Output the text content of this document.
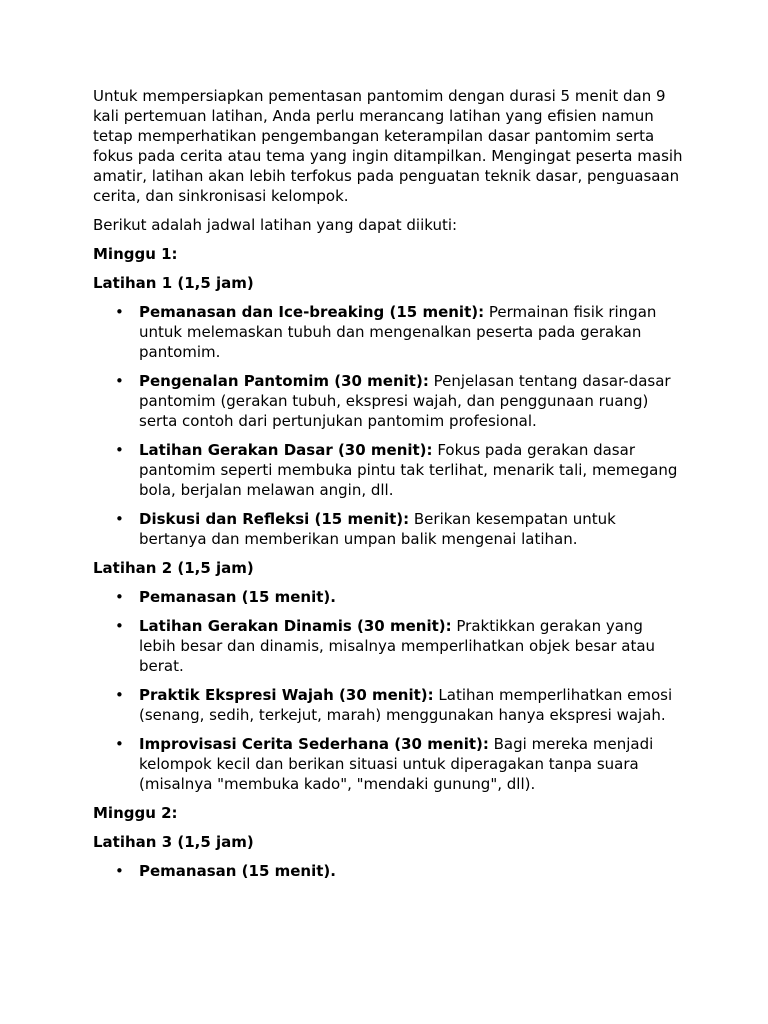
Untuk mempersiapkan pementasan pantomim dengan durasi 5 menit dan 9 kali pertemuan latihan, Anda perlu merancang latihan yang efisien namun tetap memperhatikan pengembangan keterampilan dasar pantomim serta fokus pada cerita atau tema yang ingin ditampilkan. Mengingat peserta masih amatir, latihan akan lebih terfokus pada penguatan teknik dasar, penguasaan cerita, dan sinkronisasi kelompok.

Berikut adalah jadwal latihan yang dapat diikuti:

Minggu 1:

Latihan 1 (1,5 jam)

• Pemanasan dan Ice-breaking (15 menit): Permainan fisik ringan untuk melemaskan tubuh dan mengenalkan peserta pada gerakan pantomim.
• Pengenalan Pantomim (30 menit): Penjelasan tentang dasar-dasar pantomim (gerakan tubuh, ekspresi wajah, dan penggunaan ruang) serta contoh dari pertunjukan pantomim profesional.
• Latihan Gerakan Dasar (30 menit): Fokus pada gerakan dasar pantomim seperti membuka pintu tak terlihat, menarik tali, memegang bola, berjalan melawan angin, dll.
• Diskusi dan Refleksi (15 menit): Berikan kesempatan untuk bertanya dan memberikan umpan balik mengenai latihan.

Latihan 2 (1,5 jam)

• Pemanasan (15 menit).
• Latihan Gerakan Dinamis (30 menit): Praktikkan gerakan yang lebih besar dan dinamis, misalnya memperlihatkan objek besar atau berat.
• Praktik Ekspresi Wajah (30 menit): Latihan memperlihatkan emosi (senang, sedih, terkejut, marah) menggunakan hanya ekspresi wajah.
• Improvisasi Cerita Sederhana (30 menit): Bagi mereka menjadi kelompok kecil dan berikan situasi untuk diperagakan tanpa suara (misalnya "membuka kado", "mendaki gunung", dll).

Minggu 2:

Latihan 3 (1,5 jam)

• Pemanasan (15 menit).
